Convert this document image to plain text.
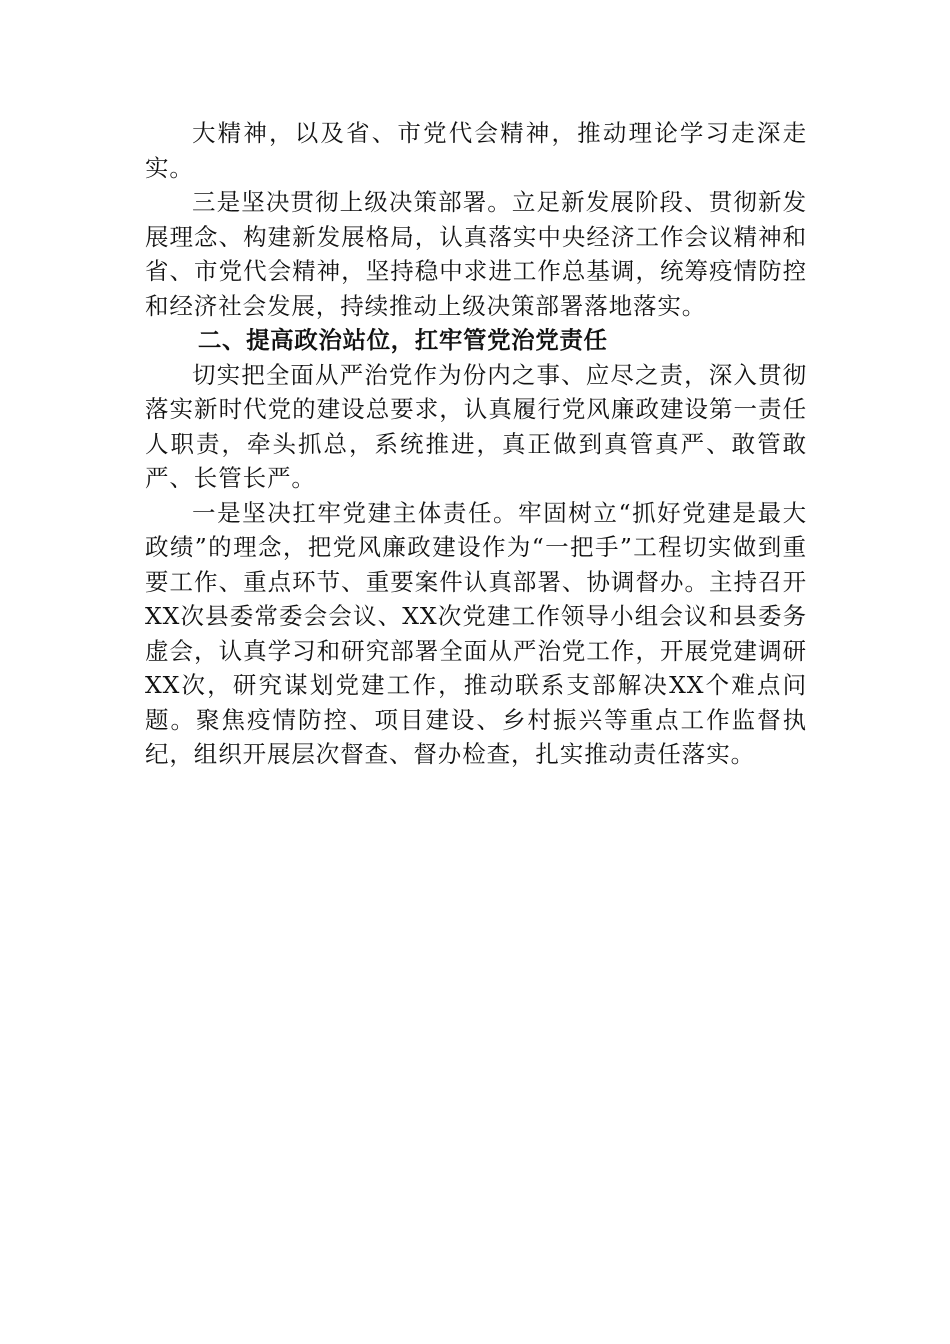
大精神，以及省、市党代会精神，推动理论学习走深走实。

三是坚决贯彻上级决策部署。立足新发展阶段、贯彻新发展理念、构建新发展格局，认真落实中央经济工作会议精神和省、市党代会精神，坚持稳中求进工作总基调，统筹疫情防控和经济社会发展，持续推动上级决策部署落地落实。

二、提高政治站位，扛牢管党治党责任

切实把全面从严治党作为份内之事、应尽之责，深入贯彻落实新时代党的建设总要求，认真履行党风廉政建设第一责任人职责，牵头抓总，系统推进，真正做到真管真严、敢管敢严、长管长严。

一是坚决扛牢党建主体责任。牢固树立“抓好党建是最大政绩”的理念，把党风廉政建设作为“一把手”工程切实做到重要工作、重点环节、重要案件认真部署、协调督办。主持召开XX次县委常委会会议、XX次党建工作领导小组会议和县委务虚会，认真学习和研究部署全面从严治党工作，开展党建调研XX次，研究谋划党建工作，推动联系支部解决XX个难点问题。聚焦疫情防控、项目建设、乡村振兴等重点工作监督执纪，组织开展层次督查、督办检查，扎实推动责任落实。
